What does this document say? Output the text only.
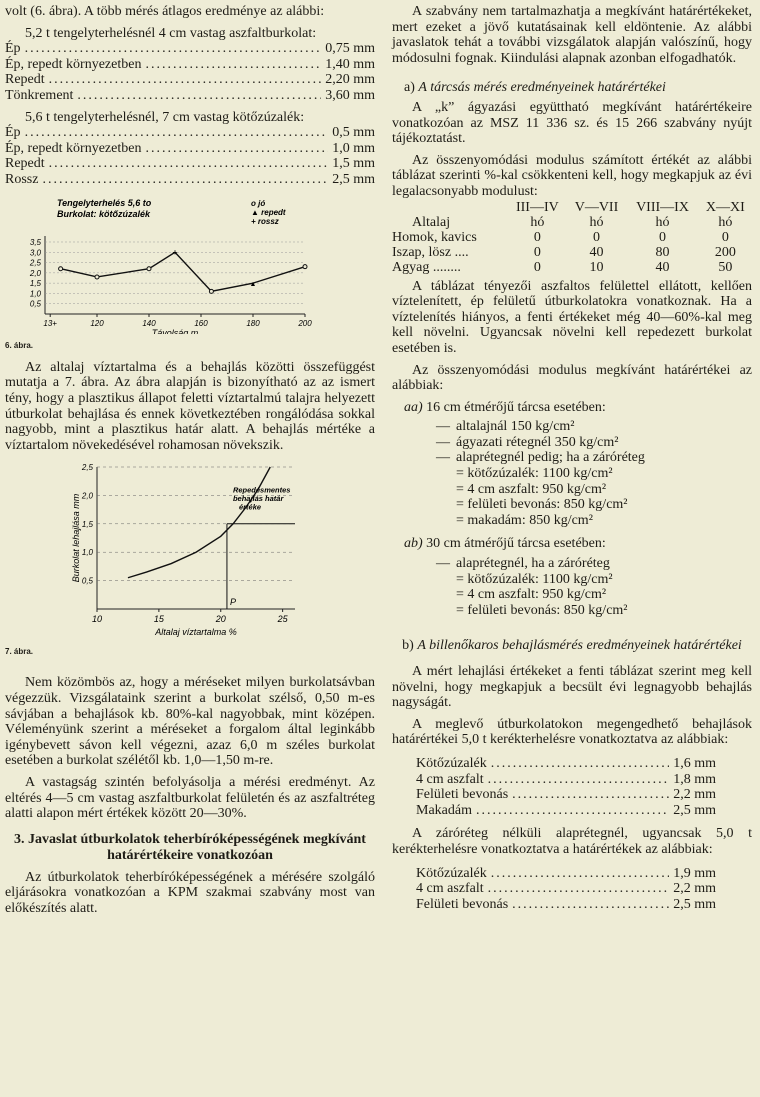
volt (6. ábra). A több mérés átlagos eredménye az alábbi:

5,2 t tengelyterhelésnél 4 cm vastag aszfaltburkolat:

Ép .....	0,75 mm
Ép, repedt környezetben .....	1,40 mm
Repedt .....	2,20 mm
Tönkrement .....	3,60 mm

5,6 t tengelyterhelésnél, 7 cm vastag kötőzúzalék:

Ép .....	0,5 mm
Ép, repedt környezetben .....	1,0 mm
Repedt .....	1,5 mm
Rossz .....	2,5 mm
Tengelyterhelés 5,6 to
Burkolat: kötőzúzalék
o jó
▲ repedt
+ rossz
0,5
1,0
1,5
2,0
2,5
3,0
3,5
13+	120	140	160	180	200
Távolság m
+
▲
6. ábra.

Az altalaj víztartalma és a behajlás közötti összefüggést mutatja a 7. ábra. Az ábra alapján is bizonyítható az az ismert tény, hogy a plasztikus állapot feletti víztartalmú talajra helyezett útburkolat behajlása és ennek következtében rongálódása sokkal nagyobb, mint a plasztikus határ alatt. A behajlás mértéke a víztartalom növekedésével rohamosan növekszik.

0,5
1,0
1,5
2,0
2,5
10	15	20	25
Altalaj víztartalma %
Burkolat lehajlása mm
P
Repedésmentes
behajlás határ
értéke
7. ábra.

Nem közömbös az, hogy a méréseket milyen burkolatsávban végezzük. Vizsgálataink szerint a burkolat szélső, 0,50 m-es sávjában a behajlások kb. 80%-kal nagyobbak, mint középen. Véleményünk szerint a méréseket a forgalom által leginkább igénybevett sávon kell végezni, azaz 6,0 m széles burkolat esetében a burkolat szélétől kb. 1,0—1,50 m-re.

A vastagság szintén befolyásolja a mérési eredményt. Az eltérés 4—5 cm vastag aszfaltburkolat felületén és az aszfaltréteg alatti alapon mért értékek között 20—30%.

3. Javaslat útburkolatok teherbíróképességének megkívánt határértékeire vonatkozóan

Az útburkolatok teherbíróképességének a mérésére szolgáló eljárásokra vonatkozóan a KPM szakmai szabvány most van előkészítés alatt.

A szabvány nem tartalmazhatja a megkívánt határértékeket, mert ezeket a jövő kutatásainak kell eldöntenie. Az alábbi javaslatok tehát a további vizsgálatok alapján valószínű, hogy módosulni fognak. Kiindulási alapnak azonban elfogadhatók.

a) A tárcsás mérés eredményeinek határértékei

A „k” ágyazási együttható megkívánt határértékeire vonatkozóan az MSZ 11 336 sz. és 15 266 szabvány nyújt tájékoztatást.

Az összenyomódási modulus számított értékét az alábbi táblázat szerinti %-kal csökkenteni kell, hogy megkapjuk az évi legalacsonyabb modulust:

	III—IV	V—VII	VIII—IX	X—XI
Altalaj	hó	hó	hó	hó
Homok, kavics	0	0	0	0
Iszap, lösz ....	0	40	80	200
Agyag ........	0	10	40	50

A táblázat tényezői aszfaltos felülettel ellátott, kellően víztelenített, ép felületű útburkolatokra vonatkoznak. Ha a víztelenítés hiányos, a fenti értékeket még 40—60%-kal meg kell növelni. Ugyancsak növelni kell repedezett burkolat esetében is.

Az összenyomódási modulus megkívánt határértékei az alábbiak:

aa) 16 cm étmérőjű tárcsa esetében:
— altalajnál 150 kg/cm²
— ágyazati rétegnél 350 kg/cm²
— alaprétegnél pedig; ha a záróréteg
= kötőzúzalék: 1100 kg/cm²
= 4 cm aszfalt: 950 kg/cm²
= felületi bevonás: 850 kg/cm²
= makadám: 850 kg/cm²
ab) 30 cm átmérőjű tárcsa esetében:
— alaprétegnél, ha a záróréteg
= kötőzúzalék: 1100 kg/cm²
= 4 cm aszfalt: 950 kg/cm²
= felületi bevonás: 850 kg/cm²
b) A billenőkaros behajlásmérés eredményeinek határértékei

A mért lehajlási értékeket a fenti táblázat szerint meg kell növelni, hogy megkapjuk a becsült évi legnagyobb behajlás nagyságát.

A meglevő útburkolatokon megengedhető behajlások határértékei 5,0 t kerékterhelésre vonatkoztatva az alábbiak:

Kötőzúzalék .....	1,6 mm
4 cm aszfalt .....	1,8 mm
Felületi bevonás .....	2,2 mm
Makadám .....	2,5 mm

A záróréteg nélküli alaprétegnél, ugyancsak 5,0 t kerékterhelésre vonatkoztatva a határértékek az alábbiak:

Kötőzúzalék .....	1,9 mm
4 cm aszfalt .....	2,2 mm
Felületi bevonás .....	2,5 mm
